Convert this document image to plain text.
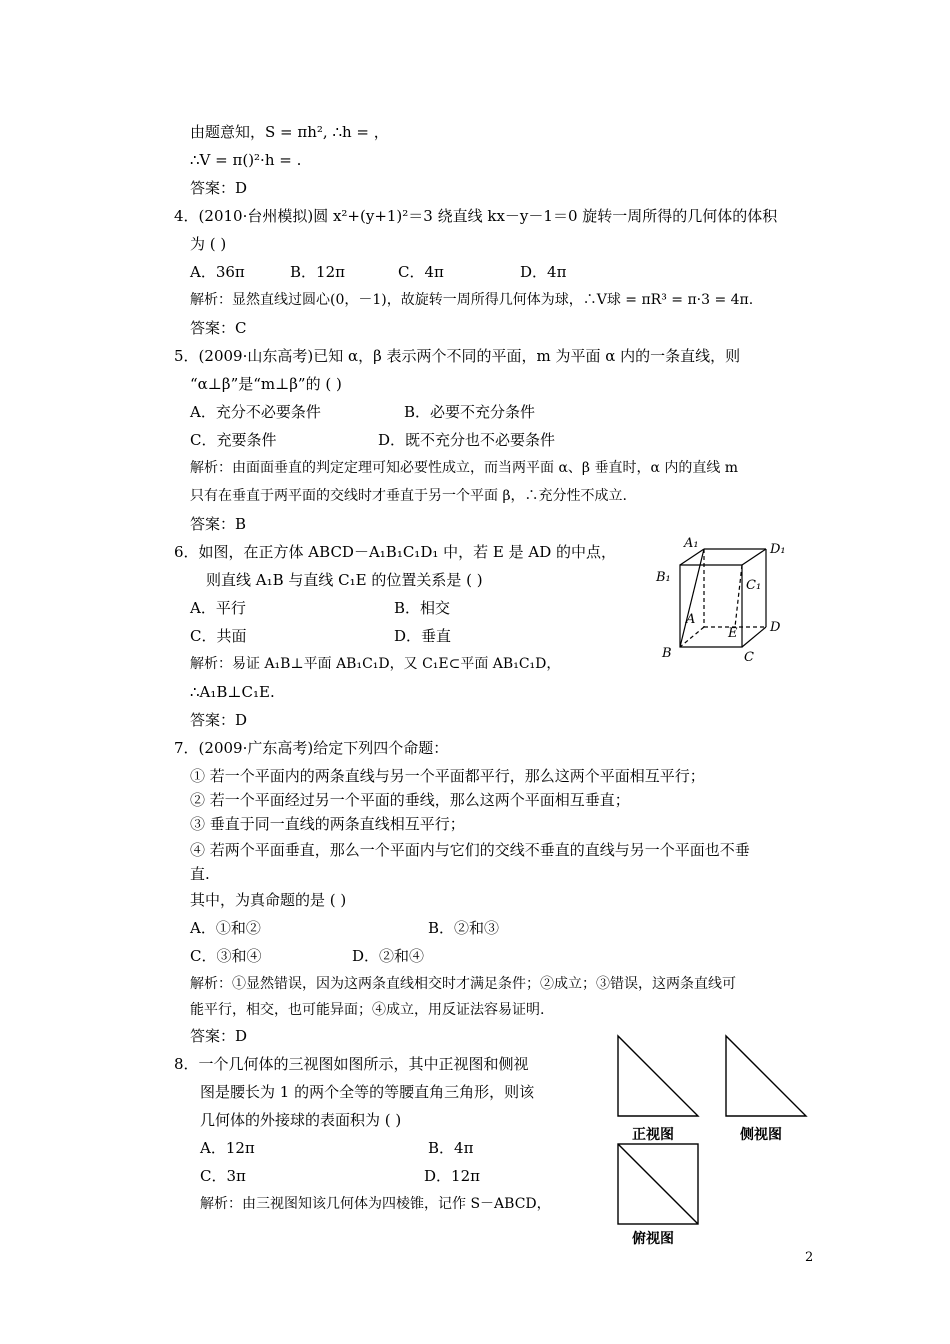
由题意知，S = πh², ∴h = ，
∴V = π()²·h = .
答案：D
4．(2010·台州模拟)圆 x²+(y+1)²＝3 绕直线 kx－y－1＝0 旋转一周所得的几何体的体积
为 ( )
A．36π	B．12π	C．4π	D．4π
解析：显然直线过圆心(0，－1)，故旋转一周所得几何体为球，∴V球 = πR³ = π·3 = 4π.
答案：C
5．(2009·山东高考)已知 α，β 表示两个不同的平面，m 为平面 α 内的一条直线，则
“α⊥β”是“m⊥β”的 ( )
A．充分不必要条件	B．必要不充分条件
C．充要条件	D．既不充分也不必要条件
解析：由面面垂直的判定定理可知必要性成立，而当两平面 α、β 垂直时，α 内的直线 m
只有在垂直于两平面的交线时才垂直于另一个平面 β，∴充分性不成立.
答案：B
6．如图，在正方体 ABCD－A₁B₁C₁D₁ 中，若 E 是 AD 的中点，
则直线 A₁B 与直线 C₁E 的位置关系是 ( )
A．平行	B．相交
C．共面	D．垂直
解析：易证 A₁B⊥平面 AB₁C₁D，又 C₁E⊂平面 AB₁C₁D，
∴A₁B⊥C₁E.
答案：D
7．(2009·广东高考)给定下列四个命题：
① 若一个平面内的两条直线与另一个平面都平行，那么这两个平面相互平行；
② 若一个平面经过另一个平面的垂线，那么这两个平面相互垂直；
③ 垂直于同一直线的两条直线相互平行；
④ 若两个平面垂直，那么一个平面内与它们的交线不垂直的直线与另一个平面也不垂
直.
其中，为真命题的是 ( )
A．①和②	B．②和③
C．③和④	D．②和④
解析：①显然错误，因为这两条直线相交时才满足条件；②成立；③错误，这两条直线可
能平行，相交，也可能异面；④成立，用反证法容易证明.
答案：D
8．一个几何体的三视图如图所示，其中正视图和侧视
图是腰长为 1 的两个全等的等腰直角三角形，则该
几何体的外接球的表面积为 ( )
A．12π	B．4π
C．3π	D．12π
解析：由三视图知该几何体为四棱锥，记作 S－ABCD，
A₁	D₁
B₁
C₁
A
E	D
B	C
正视图	侧视图
俯视图
2
